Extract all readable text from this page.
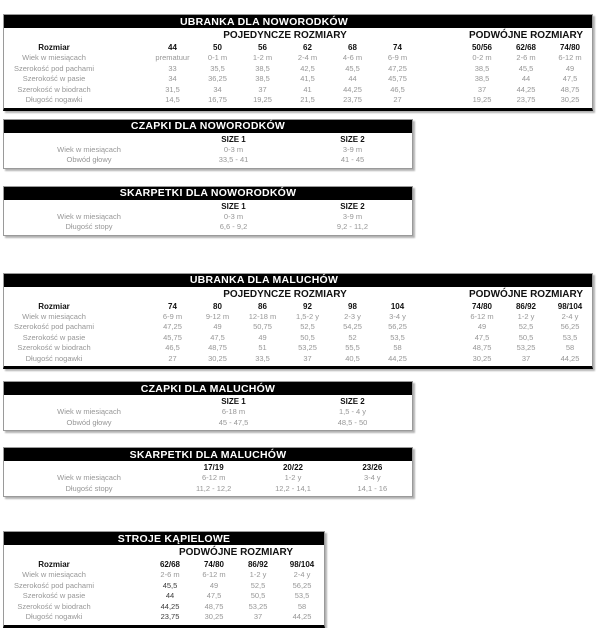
UBRANKA DLA NOWORODKÓW
POJEDYNCZE ROZMIARY	PODWÓJNE ROZMIARY
Rozmiar	44	50	56	62	68	74	50/56	62/68	74/80
Wiek w miesiącach	prematuur	0-1 m	1-2 m	2-4 m	4-6 m	6-9 m	0-2 m	2-6 m	6-12 m
Szerokość pod pachami	33	35,5	38,5	42,5	45,5	47,25	38,5	45,5	49
Szerokość w pasie	34	36,25	38,5	41,5	44	45,75	38,5	44	47,5
Szerokość w biodrach	31,5	34	37	41	44,25	46,5	37	44,25	48,75
Długość nogawki	14,5	16,75	19,25	21,5	23,75	27	19,25	23,75	30,25
CZAPKI DLA NOWORODKÓW
SIZE 1	SIZE 2
Wiek w miesiącach	0-3 m	3-9 m
Obwód głowy	33,5 - 41	41 - 45
SKARPETKI DLA NOWORODKÓW
SIZE 1	SIZE 2
Wiek w miesiącach	0-3 m	3-9 m
Długość stopy	6,6 - 9,2	9,2 - 11,2
UBRANKA DLA MALUCHÓW
POJEDYNCZE ROZMIARY	PODWÓJNE ROZMIARY
Rozmiar	74	80	86	92	98	104	74/80	86/92	98/104
Wiek w miesiącach	6-9 m	9-12 m	12-18 m	1,5-2 y	2-3 y	3-4 y	6-12 m	1-2 y	2-4 y
Szerokość pod pachami	47,25	49	50,75	52,5	54,25	56,25	49	52,5	56,25
Szerokość w pasie	45,75	47,5	49	50,5	52	53,5	47,5	50,5	53,5
Szerokość w biodrach	46,5	48,75	51	53,25	55,5	58	48,75	53,25	58
Długość nogawki	27	30,25	33,5	37	40,5	44,25	30,25	37	44,25
CZAPKI DLA MALUCHÓW
SIZE 1	SIZE 2
Wiek w miesiącach	6-18 m	1,5 - 4 y
Obwód głowy	45 - 47,5	48,5 - 50
SKARPETKI DLA MALUCHÓW
17/19	20/22	23/26
Wiek w miesiącach	6-12 m	1-2 y	3-4 y
Długość stopy	11,2 - 12,2	12,2 - 14,1	14,1 - 16
STROJE KĄPIELOWE
PODWÓJNE ROZMIARY
Rozmiar	62/68	74/80	86/92	98/104
Wiek w miesiącach	2-6 m	6-12 m	1-2 y	2-4 y
Szerokość pod pachami	45,5	49	52,5	56,25
Szerokość w pasie	44	47,5	50,5	53,5
Szerokość w biodrach	44,25	48,75	53,25	58
Długość nogawki	23,75	30,25	37	44,25
